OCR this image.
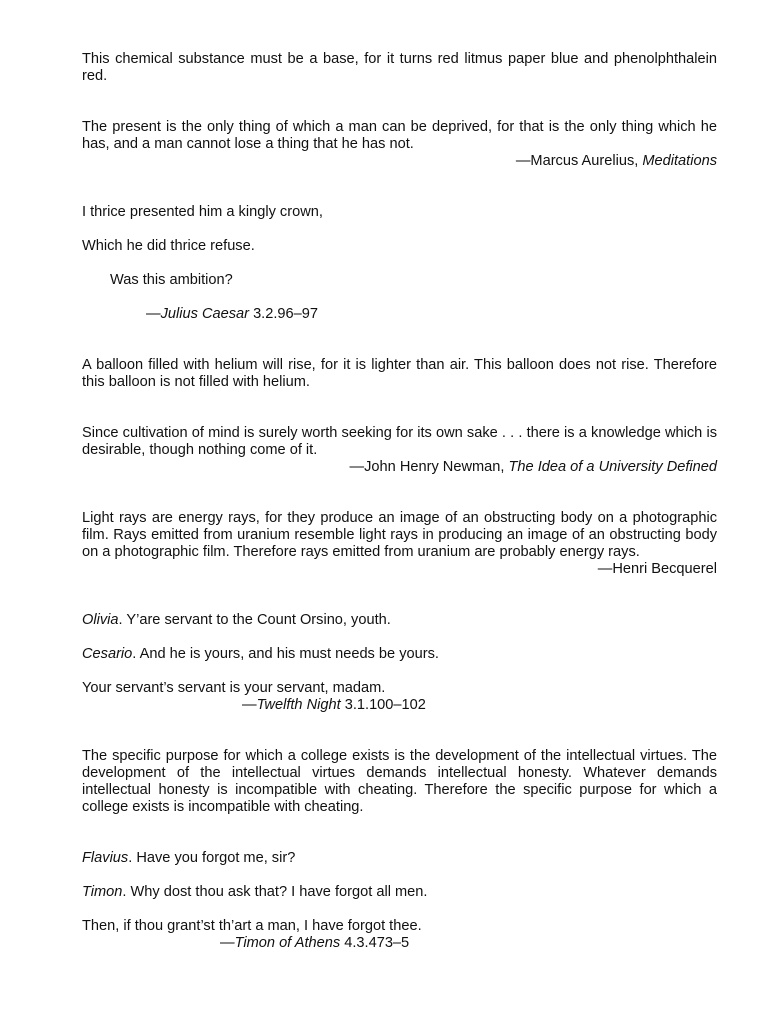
This chemical substance must be a base, for it turns red litmus paper blue and phenolphthalein red.

The present is the only thing of which a man can be deprived, for that is the only thing which he has, and a man cannot lose a thing that he has not.

—Marcus Aurelius, Meditations

I thrice presented him a kingly crown,

Which he did thrice refuse.

Was this ambition?

—Julius Caesar 3.2.96–97

A balloon filled with helium will rise, for it is lighter than air. This balloon does not rise. Therefore this balloon is not filled with helium.

Since cultivation of mind is surely worth seeking for its own sake . . . there is a knowledge which is desirable, though nothing come of it.

—John Henry Newman, The Idea of a University Defined

Light rays are energy rays, for they produce an image of an obstructing body on a photographic film. Rays emitted from uranium resemble light rays in producing an image of an obstructing body on a photographic film. Therefore rays emitted from uranium are probably energy rays.

—Henri Becquerel

Olivia. Y’are servant to the Count Orsino, youth.

Cesario. And he is yours, and his must needs be yours.

Your servant’s servant is your servant, madam.

—Twelfth Night 3.1.100–102

The specific purpose for which a college exists is the development of the intellectual virtues. The development of the intellectual virtues demands intellectual honesty. Whatever demands intellectual honesty is incompatible with cheating. Therefore the specific purpose for which a college exists is incompatible with cheating.

Flavius. Have you forgot me, sir?

Timon. Why dost thou ask that? I have forgot all men.

Then, if thou grant’st th’art a man, I have forgot thee.

—Timon of Athens 4.3.473–5
